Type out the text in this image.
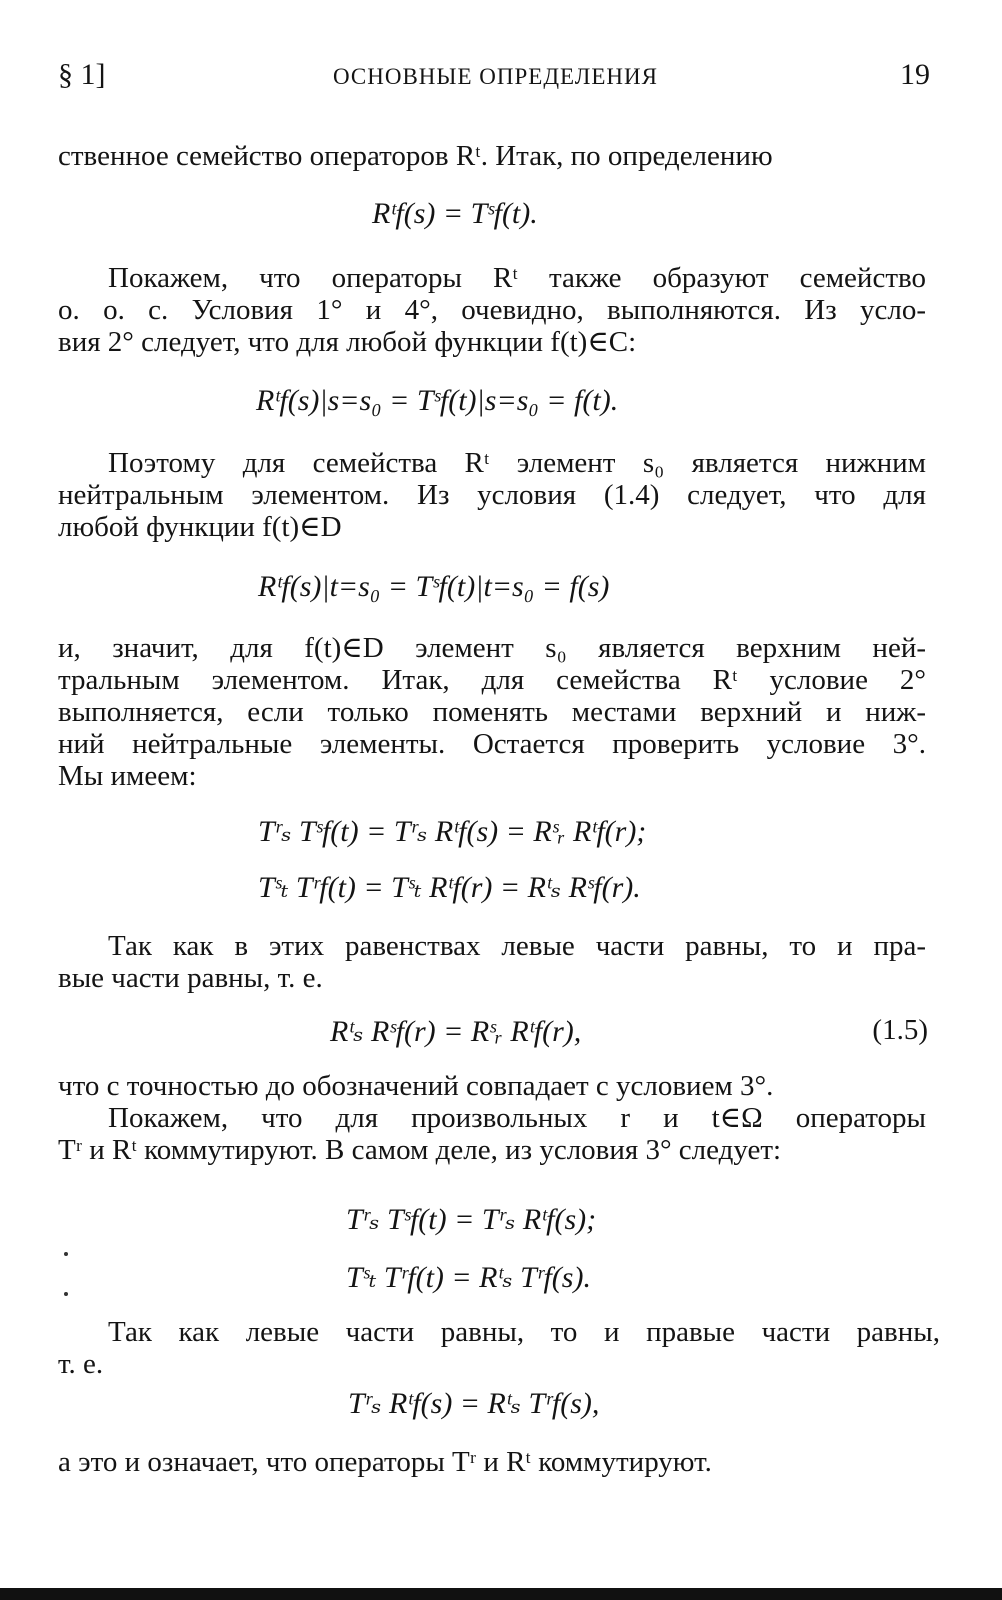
§ 1]	ОСНОВНЫЕ ОПРЕДЕЛЕНИЯ	19
ственное семейство операторов Rᵗ. Итак, по определению
Rᵗf(s) = Tˢf(t).
Покажем, что операторы Rᵗ также образуют семейство
о. о. с. Условия 1° и 4°, очевидно, выполняются. Из усло-
вия 2° следует, что для любой функции f(t)∈C:
Rᵗf(s)|s=s₀ = Tˢf(t)|s=s₀ = f(t).
Поэтому для семейства Rᵗ элемент s₀ является нижним
нейтральным элементом. Из условия (1.4) следует, что для
любой функции f(t)∈D
Rᵗf(s)|t=s₀ = Tˢf(t)|t=s₀ = f(s)
и, значит, для f(t)∈D элемент s₀ является верхним ней-
тральным элементом. Итак, для семейства Rᵗ условие 2°
выполняется, если только поменять местами верхний и ниж-
ний нейтральные элементы. Остается проверить условие 3°.
Мы имеем:
Tʳₛ Tˢf(t) = Tʳₛ Rᵗf(s) = Rˢᵣ Rᵗf(r);
Tˢₜ Tʳf(t) = Tˢₜ Rᵗf(r) = Rᵗₛ Rˢf(r).
Так как в этих равенствах левые части равны, то и пра-
вые части равны, т. е.
Rᵗₛ Rˢf(r) = Rˢᵣ Rᵗf(r),	(1.5)
что с точностью до обозначений совпадает с условием 3°.
Покажем, что для произвольных r и t∈Ω операторы
Tʳ и Rᵗ коммутируют. В самом деле, из условия 3° следует:
Tʳₛ Tˢf(t) = Tʳₛ Rᵗf(s);
Tˢₜ Tʳf(t) = Rᵗₛ Tʳf(s).
Так как левые части равны, то и правые части равны,
т. е.
Tʳₛ Rᵗf(s) = Rᵗₛ Tʳf(s),
а это и означает, что операторы Tʳ и Rᵗ коммутируют.
